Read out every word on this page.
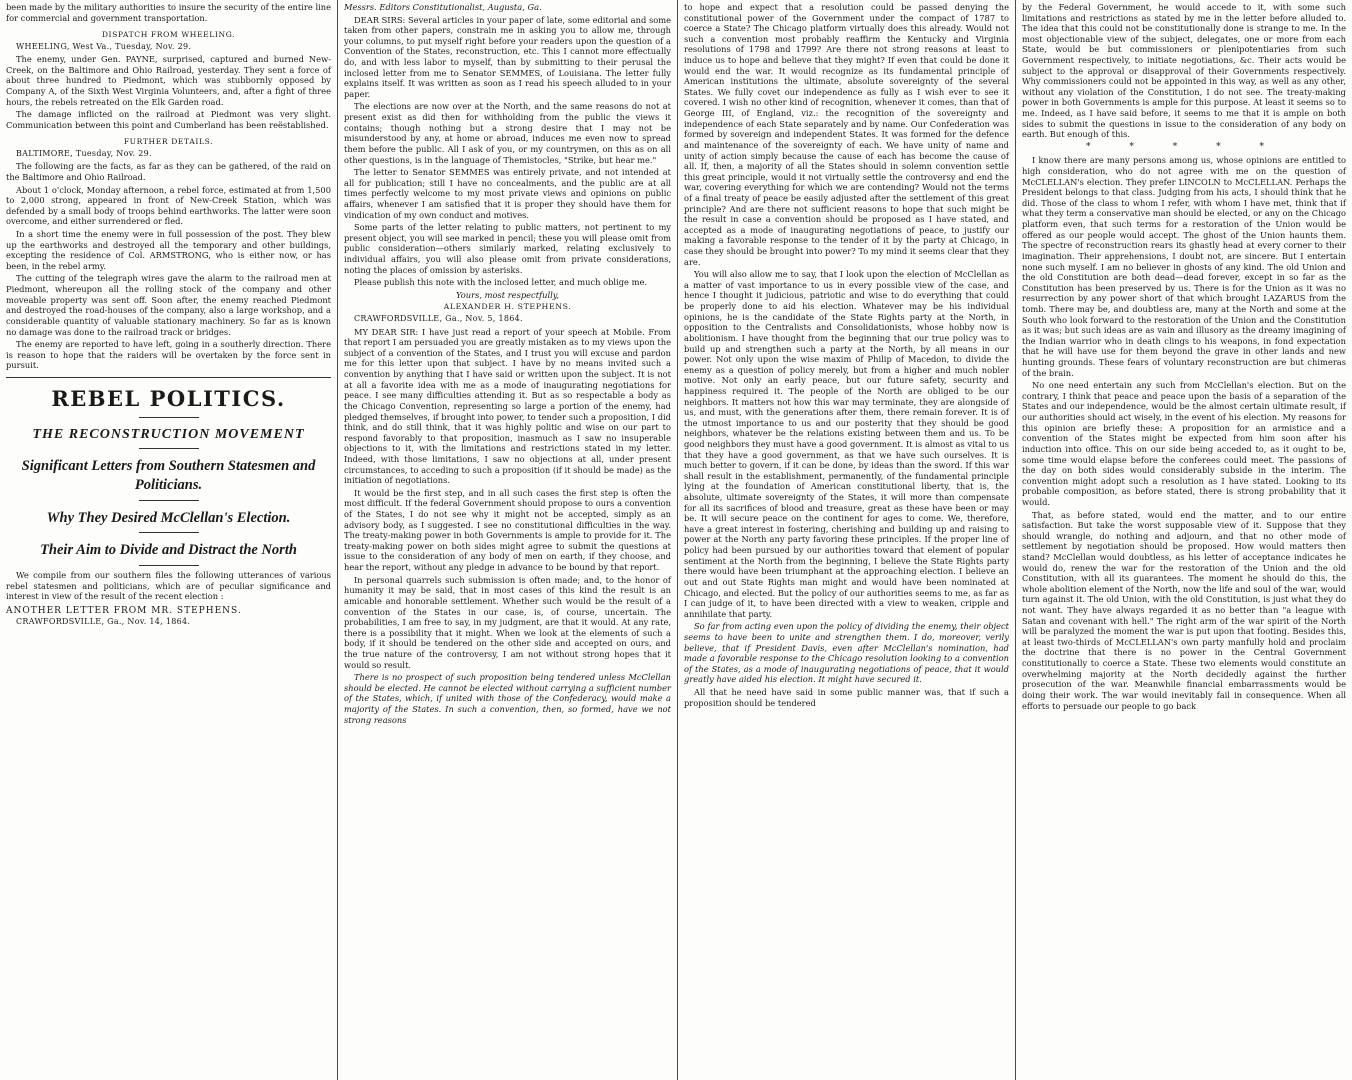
been made by the military authorities to insure the security of the entire line for commercial and government transportation.

DISPATCH FROM WHEELING.
WHEELING, West Va., Tuesday, Nov. 29.

The enemy, under Gen. PAYNE, surprised, captured and burned New-Creek, on the Baltimore and Ohio Railroad, yesterday. They sent a force of about three hundred to Piedmont, which was stubbornly opposed by Company A, of the Sixth West Virginia Volunteers, and, after a fight of three hours, the rebels retreated on the Elk Garden road.

The damage inflicted on the railroad at Piedmont was very slight. Communication between this point and Cumberland has been reëstablished.

FURTHER DETAILS.
BALTIMORE, Tuesday, Nov. 29.

The following are the facts, as far as they can be gathered, of the raid on the Baltimore and Ohio Railroad.

About 1 o'clock, Monday afternoon, a rebel force, estimated at from 1,500 to 2,000 strong, appeared in front of New-Creek Station, which was defended by a small body of troops behind earthworks. The latter were soon overcome, and either surrendered or fled.

In a short time the enemy were in full possession of the post. They blew up the earthworks and destroyed all the temporary and other buildings, excepting the residence of Col. ARMSTRONG, who is either now, or has been, in the rebel army.

The cutting of the telegraph wires gave the alarm to the railroad men at Piedmont, whereupon all the rolling stock of the company and other moveable property was sent off. Soon after, the enemy reached Piedmont and destroyed the road-houses of the company, also a large workshop, and a considerable quantity of valuable stationary machinery. So far as is known no damage was done to the railroad track or bridges.

The enemy are reported to have left, going in a southerly direction. There is reason to hope that the raiders will be overtaken by the force sent in pursuit.

REBEL POLITICS.
THE RECONSTRUCTION MOVEMENT
Significant Letters from Southern Statesmen and Politicians.
Why They Desired McClellan's Election.
Their Aim to Divide and Distract the North

We compile from our southern files the following utterances of various rebel statesmen and politicians, which are of peculiar significance and interest in view of the result of the recent election :

ANOTHER LETTER FROM MR. STEPHENS.

CRAWFORDSVILLE, Ga., Nov. 14, 1864.

Messrs. Editors Constitutionalist, Augusta, Ga.

DEAR SIRS: Several articles in your paper of late, some editorial and some taken from other papers, constrain me in asking you to allow me, through your columns, to put myself right before your readers upon the question of a Convention of the States, reconstruction, etc. This I cannot more effectually do, and with less labor to myself, than by submitting to their perusal the inclosed letter from me to Senator SEMMES, of Louisiana. The letter fully explains itself. It was written as soon as I read his speech alluded to in your paper.

The elections are now over at the North, and the same reasons do not at present exist as did then for withholding from the public the views it contains; though nothing but a strong desire that I may not be misunderstood by any, at home or abroad, induces me even now to spread them before the public. All I ask of you, or my countrymen, on this as on all other questions, is in the language of Themistocles, "Strike, but hear me."

The letter to Senator SEMMES was entirely private, and not intended at all for publication; still I have no concealments, and the public are at all times perfectly welcome to my most private views and opinions on public affairs, whenever I am satisfied that it is proper they should have them for vindication of my own conduct and motives.

Some parts of the letter relating to public matters, not pertinent to my present object, you will see marked in pencil; these you will please omit from public consideration—others similarly marked, relating exclusively to individual affairs, you will also please omit from private considerations, noting the places of omission by asterisks.

Please publish this note with the inclosed letter, and much oblige me.

Yours, most respectfully,
ALEXANDER H. STEPHENS.
CRAWFORDSVILLE, Ga., Nov. 5, 1864.

MY DEAR SIR: I have just read a report of your speech at Mobile. From that report I am persuaded you are greatly mistaken as to my views upon the subject of a convention of the States, and I trust you will excuse and pardon me for this letter upon that subject. I have by no means invited such a convention by anything that I have said or written upon the subject. It is not at all a favorite idea with me as a mode of inaugurating negotiations for peace. I see many difficulties attending it. But as so respectable a body as the Chicago Convention, representing so large a portion of the enemy, had pledged themselves, if brought into power, to tender such a proposition, I did think, and do still think, that it was highly politic and wise on our part to respond favorably to that proposition, inasmuch as I saw no insuperable objections to it, with the limitations and restrictions stated in my letter. Indeed, with those limitations, I saw no objections at all, under present circumstances, to acceding to such a proposition (if it should be made) as the initiation of negotiations.

It would be the first step, and in all such cases the first step is often the most difficult. If the federal Government should propose to ours a convention of the States, I do not see why it might not be accepted, simply as an advisory body, as I suggested. I see no constitutional difficulties in the way. The treaty-making power in both Governments is ample to provide for it. The treaty-making power on both sides might agree to submit the questions at issue to the consideration of any body of men on earth, if they choose, and hear the report, without any pledge in advance to be bound by that report.

In personal quarrels such submission is often made; and, to the honor of humanity it may be said, that in most cases of this kind the result is an amicable and honorable settlement. Whether such would be the result of a convention of the States in our case, is, of course, uncertain. The probabilities, I am free to say, in my judgment, are that it would. At any rate, there is a possibility that it might. When we look at the elements of such a body, if it should be tendered on the other side and accepted on ours, and the true nature of the controversy, I am not without strong hopes that it would so result.

There is no prospect of such proposition being tendered unless McClellan should be elected. He cannot be elected without carrying a sufficient number of the States, which, if united with those of the Confederacy, would make a majority of the States. In such a convention, then, so formed, have we not strong reasons

to hope and expect that a resolution could be passed denying the constitutional power of the Government under the compact of 1787 to coerce a State? The Chicago platform virtually does this already. Would not such a convention most probably reaffirm the Kentucky and Virginia resolutions of 1798 and 1799? Are there not strong reasons at least to induce us to hope and believe that they might? If even that could be done it would end the war. It would recognize as its fundamental principle of American institutions the ultimate, absolute sovereignty of the several States. We fully covet our independence as fully as I wish ever to see it covered. I wish no other kind of recognition, whenever it comes, than that of George III, of England, viz.: the recognition of the sovereignty and independence of each State separately and by name. Our Confederation was formed by sovereign and independent States. It was formed for the defence and maintenance of the sovereignty of each. We have unity of name and unity of action simply because the cause of each has become the cause of all. If, then, a majority of all the States should in solemn convention settle this great principle, would it not virtually settle the controversy and end the war, covering everything for which we are contending? Would not the terms of a final treaty of peace be easily adjusted after the settlement of this great principle? And are there not sufficient reasons to hope that such might be the result in case a convention should be proposed as I have stated, and accepted as a mode of inaugurating negotiations of peace, to justify our making a favorable response to the tender of it by the party at Chicago, in case they should be brought into power? To my mind it seems clear that they are.

You will also allow me to say, that I look upon the election of McClellan as a matter of vast importance to us in every possible view of the case, and hence I thought it judicious, patriotic and wise to do everything that could be properly done to aid his election. Whatever may be his individual opinions, he is the candidate of the State Rights party at the North, in opposition to the Centralists and Consolidationists, whose hobby now is abolitionism. I have thought from the beginning that our true policy was to build up and strengthen such a party at the North, by all means in our power. Not only upon the wise maxim of Philip of Macedon, to divide the enemy as a question of policy merely, but from a higher and much nobler motive. Not only an early peace, but our future safety, security and happiness required it. The people of the North are obliged to be our neighbors. It matters not how this war may terminate, they are alongside of us, and must, with the generations after them, there remain forever. It is of the utmost importance to us and our posterity that they should be good neighbors, whatever be the relations existing between them and us. To be good neighbors they must have a good government. It is almost as vital to us that they have a good government, as that we have such ourselves. It is much better to govern, if it can be done, by ideas than the sword. If this war shall result in the establishment, permanently, of the fundamental principle lying at the foundation of American constitutional liberty, that is, the absolute, ultimate sovereignty of the States, it will more than compensate for all its sacrifices of blood and treasure, great as these have been or may be. It will secure peace on the continent for ages to come. We, therefore, have a great interest in fostering, cherishing and building up and raising to power at the North any party favoring these principles. If the proper line of policy had been pursued by our authorities toward that element of popular sentiment at the North from the beginning, I believe the State Rights party there would have been triumphant at the approaching election. I believe an out and out State Rights man might and would have been nominated at Chicago, and elected. But the policy of our authorities seems to me, as far as I can judge of it, to have been directed with a view to weaken, cripple and annihilate that party.

So far from acting even upon the policy of dividing the enemy, their object seems to have been to unite and strengthen them. I do, moreover, verily believe, that if President Davis, even after McClellan's nomination, had made a favorable response to the Chicago resolution looking to a convention of the States, as a mode of inaugurating negotiations of peace, that it would greatly have aided his election. It might have secured it.

All that he need have said in some public manner was, that if such a proposition should be tendered

by the Federal Government, he would accede to it, with some such limitations and restrictions as stated by me in the letter before alluded to. The idea that this could not be constitutionally done is strange to me. In the most objectionable view of the subject, delegates, one or more from each State, would be but commissioners or plenipotentiaries from such Government respectively, to initiate negotiations, &c. Their acts would be subject to the approval or disapproval of their Governments respectively. Why commissioners could not be appointed in this way, as well as any other, without any violation of the Constitution, I do not see. The treaty-making power in both Governments is ample for this purpose. At least it seems so to me. Indeed, as I have said before, it seems to me that it is ample on both sides to submit the questions in issue to the consideration of any body on earth. But enough of this.

* * * * *

I know there are many persons among us, whose opinions are entitled to high consideration, who do not agree with me on the question of McCLELLAN's election. They prefer LINCOLN to McCLELLAN. Perhaps the President belongs to that class. Judging from his acts, I should think that he did. Those of the class to whom I refer, with whom I have met, think that if what they term a conservative man should be elected, or any on the Chicago platform even, that such terms for a restoration of the Union would be offered as our people would accept. The ghost of the Union haunts them. The spectre of reconstruction rears its ghastly head at every corner to their imagination. Their apprehensions, I doubt not, are sincere. But I entertain none such myself. I am no believer in ghosts of any kind. The old Union and the old Constitution are both dead—dead forever, except in so far as the Constitution has been preserved by us. There is for the Union as it was no resurrection by any power short of that which brought LAZARUS from the tomb. There may be, and doubtless are, many at the North and some at the South who look forward to the restoration of the Union and the Constitution as it was; but such ideas are as vain and illusory as the dreamy imagining of the Indian warrior who in death clings to his weapons, in fond expectation that he will have use for them beyond the grave in other lands and new hunting grounds. These fears of voluntary reconstruction are but chimeras of the brain.

No one need entertain any such from McClellan's election. But on the contrary, I think that peace and peace upon the basis of a separation of the States and our independence, would be the almost certain ultimate result, if our authorities should act wisely, in the event of his election. My reasons for this opinion are briefly these: A proposition for an armistice and a convention of the States might be expected from him soon after his induction into office. This on our side being acceded to, as it ought to be, some time would elapse before the conferees could meet. The passions of the day on both sides would considerably subside in the interim. The convention might adopt such a resolution as I have stated. Looking to its probable composition, as before stated, there is strong probability that it would.

That, as before stated, would end the matter, and to our entire satisfaction. But take the worst supposable view of it. Suppose that they should wrangle, do nothing and adjourn, and that no other mode of settlement by negotiation should be proposed. How would matters then stand? McClellan would doubtless, as his letter of acceptance indicates he would do, renew the war for the restoration of the Union and the old Constitution, with all its guarantees. The moment he should do this, the whole abolition element of the North, now the life and soul of the war, would turn against it. The old Union, with the old Constitution, is just what they do not want. They have always regarded it as no better than "a league with Satan and covenant with hell." The right arm of the war spirit of the North will be paralyzed the moment the war is put upon that footing. Besides this, at least two-thirds of McCLELLAN's own party manfully hold and proclaim the doctrine that there is no power in the Central Government constitutionally to coerce a State. These two elements would constitute an overwhelming majority at the North decidedly against the further prosecution of the war. Meanwhile financial embarrassments would be doing their work. The war would inevitably fail in consequence. When all efforts to persuade our people to go back
